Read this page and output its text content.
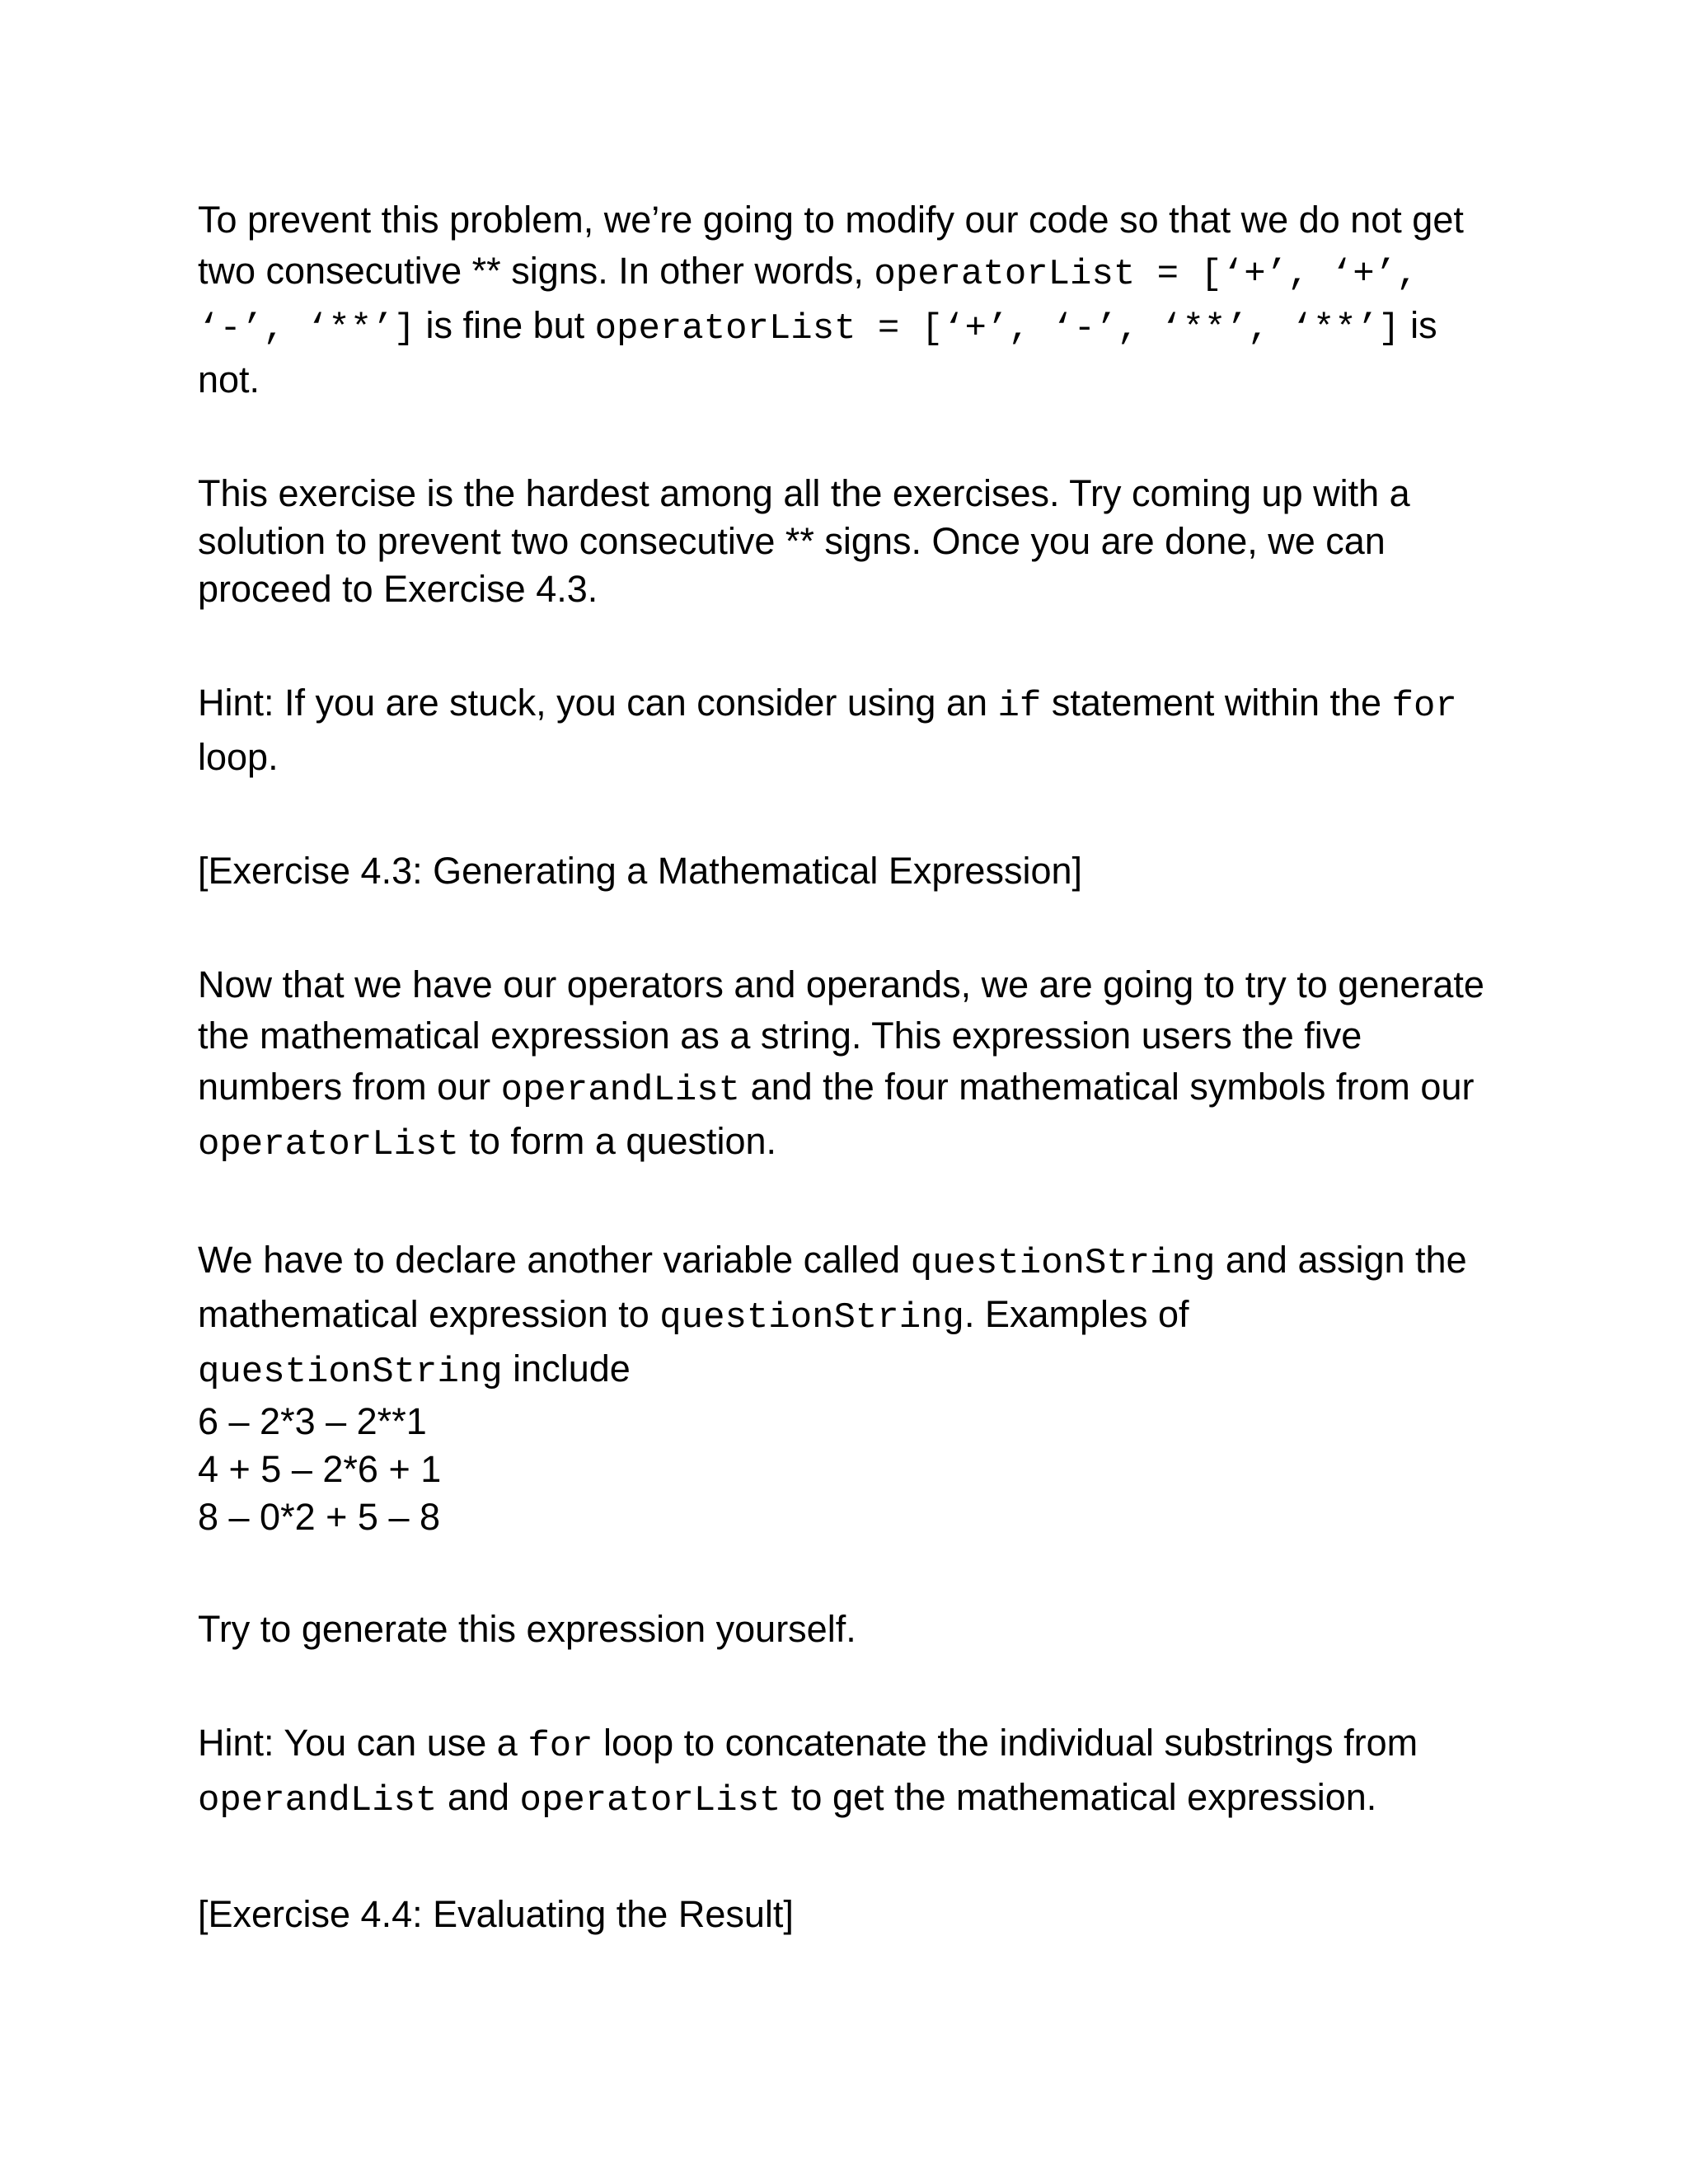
To prevent this problem, we’re going to modify our code so that we do not get two consecutive ** signs. In other words, operatorList = [‘+’, ‘+’, ‘-’, ‘**’] is fine but operatorList = [‘+’, ‘-’, ‘**’, ‘**’] is not.

This exercise is the hardest among all the exercises. Try coming up with a solution to prevent two consecutive ** signs. Once you are done, we can proceed to Exercise 4.3.

Hint: If you are stuck, you can consider using an if statement within the for loop.

[Exercise 4.3: Generating a Mathematical Expression]

Now that we have our operators and operands, we are going to try to generate the mathematical expression as a string. This expression users the five numbers from our operandList and the four mathematical symbols from our operatorList to form a question.

We have to declare another variable called questionString and assign the mathematical expression to questionString. Examples of questionString include
6 – 2*3 – 2**1
4 + 5 – 2*6 + 1
8 – 0*2 + 5 – 8

Try to generate this expression yourself.

Hint: You can use a for loop to concatenate the individual substrings from operandList and operatorList to get the mathematical expression.

[Exercise 4.4: Evaluating the Result]
